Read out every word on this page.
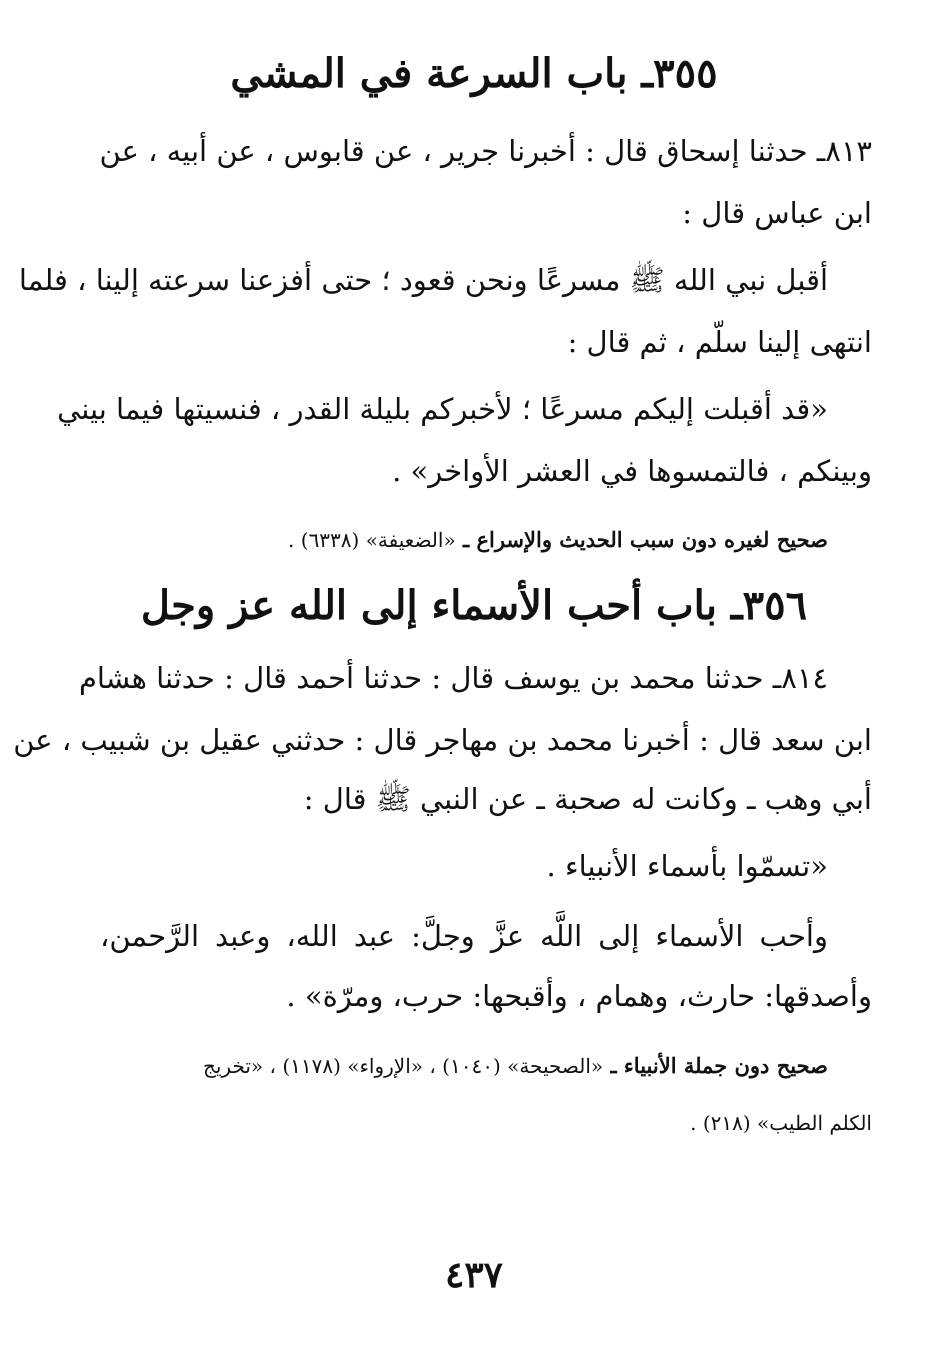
٣٥٥ـ باب السرعة في المشي
٨١٣ـ حدثنا إسحاق قال : أخبرنا جرير ، عن قابوس ، عن أبيه ، عن
ابن عباس قال :
أقبل نبي الله ﷺ مسرعًا ونحن قعود ؛ حتى أفزعنا سرعته إلينا ، فلما
انتهى إلينا سلّم ، ثم قال :
«قد أقبلت إليكم مسرعًا ؛ لأخبركم بليلة القدر ، فنسيتها فيما بيني
وبينكم ، فالتمسوها في العشر الأواخر» .
صحيح لغيره دون سبب الحديث والإسراع ـ «الضعيفة» (٦٣٣٨) .
٣٥٦ـ باب أحب الأسماء إلى الله عز وجل
٨١٤ـ حدثنا محمد بن يوسف قال : حدثنا أحمد قال : حدثنا هشام
ابن سعد قال : أخبرنا محمد بن مهاجر قال : حدثني عقيل بن شبيب ، عن
أبي وهب ـ وكانت له صحبة ـ عن النبي ﷺ قال :
«تسمّوا بأسماء الأنبياء .
وأحب الأسماء إلى اللَّه عزَّ وجلَّ: عبد الله، وعبد الرَّحمن،
وأصدقها: حارث، وهمام ، وأقبحها: حرب، ومرّة» .
صحيح دون جملة الأنبياء ـ «الصحيحة» (١٠٤٠) ، «الإرواء» (١١٧٨) ، «تخريج
الكلم الطيب» (٢١٨) .
٤٣٧
